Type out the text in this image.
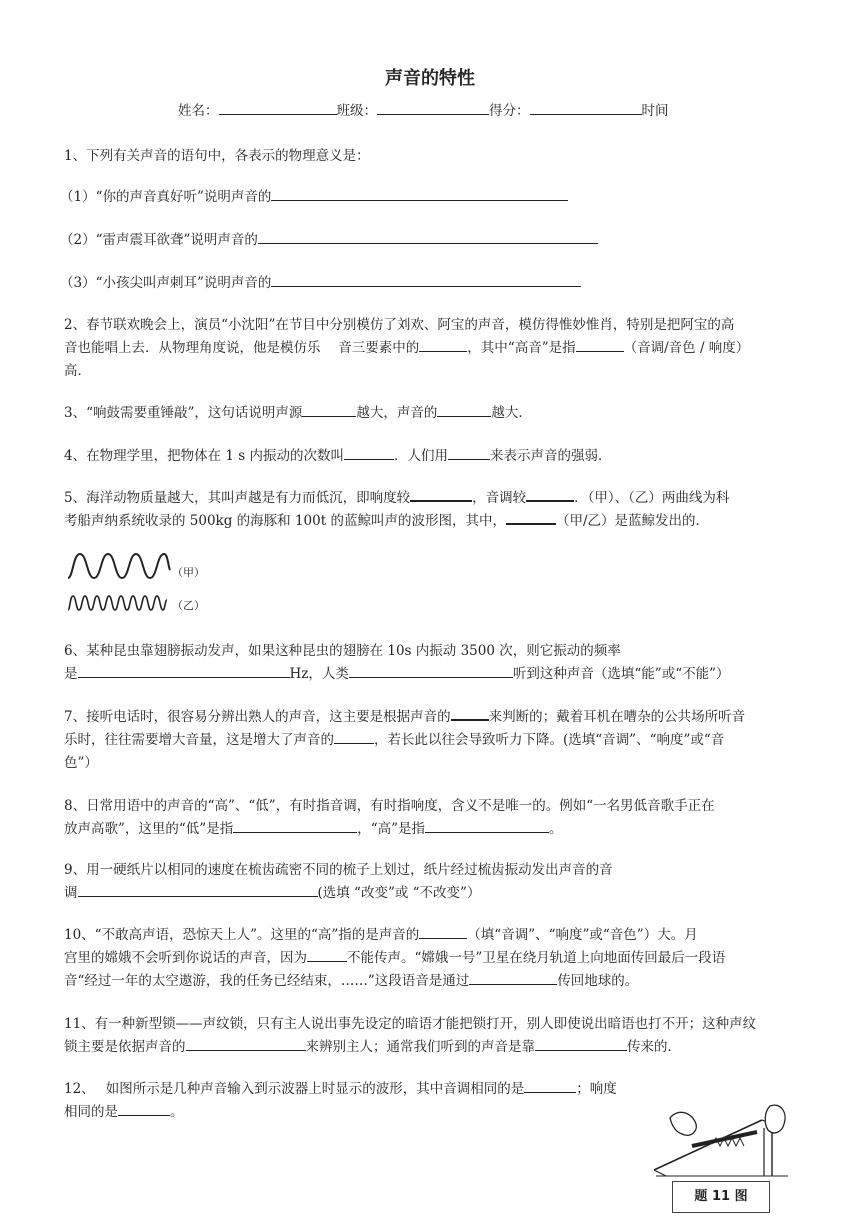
声音的特性
姓名：	班级：	得分：	时间
1、下列有关声音的语句中，各表示的物理意义是：
（1）“你的声音真好听”说明声音的
（2）“雷声震耳欲聋”说明声音的
（3）“小孩尖叫声刺耳”说明声音的
2、春节联欢晚会上，演员“小沈阳”在节目中分别模仿了刘欢、阿宝的声音，模仿得惟妙惟肖，特别是把阿宝的高
音也能唱上去．从物理角度说，他是模仿乐　 音三要素中的	，其中“高音”是指	（音调/音色 / 响度）
高．
3、“响鼓需要重锤敲”，这句话说明声源	越大，声音的	越大．
4、在物理学里，把物体在 1 s 内振动的次数叫	．人们用	来表示声音的强弱．
5、海洋动物质量越大，其叫声越是有力而低沉，即响度较	，音调较	．（甲）、（乙）两曲线为科
考船声纳系统收录的 500kg 的海豚和 100t 的蓝鲸叫声的波形图，其中，	（甲/乙）是蓝鲸发出的．
（甲）
（乙）
6、某种昆虫靠翅膀振动发声，如果这种昆虫的翅膀在 10s 内振动 3500 次，则它振动的频率
是	Hz，人类	听到这种声音（选填“能”或“不能”）
7、接听电话时，很容易分辨出熟人的声音，这主要是根据声音的	来判断的；戴着耳机在嘈杂的公共场所听音
乐时，往往需要增大音量，这是增大了声音的	，若长此以往会导致听力下降。(选填“音调”、“响度”或“音
色”）
8、日常用语中的声音的“高”、“低”，有时指音调，有时指响度，含义不是唯一的。例如“一名男低音歌手正在
放声高歌”，这里的“低”是指	，“高”是指	。
9、用一硬纸片以相同的速度在梳齿疏密不同的梳子上划过，纸片经过梳齿振动发出声音的音
调	(选填 “改变”或 “不改变”）
10、“不敢高声语，恐惊天上人”。这里的“高”指的是声音的	（填“音调”、“响度”或“音色”）大。月
宫里的嫦娥不会听到你说话的声音，因为	不能传声。“嫦娥一号”卫星在绕月轨道上向地面传回最后一段语
音“经过一年的太空遨游，我的任务已经结束，……”这段语音是通过	传回地球的。
11、有一种新型锁——声纹锁，只有主人说出事先设定的暗语才能把锁打开，别人即使说出暗语也打不开；这种声纹
锁主要是依据声音的	来辨别主人；通常我们听到的声音是靠	传来的．
12、　 如图所示是几种声音输入到示波器上时显示的波形，其中音调相同的是	；响度
相同的是	。
题 11 图
